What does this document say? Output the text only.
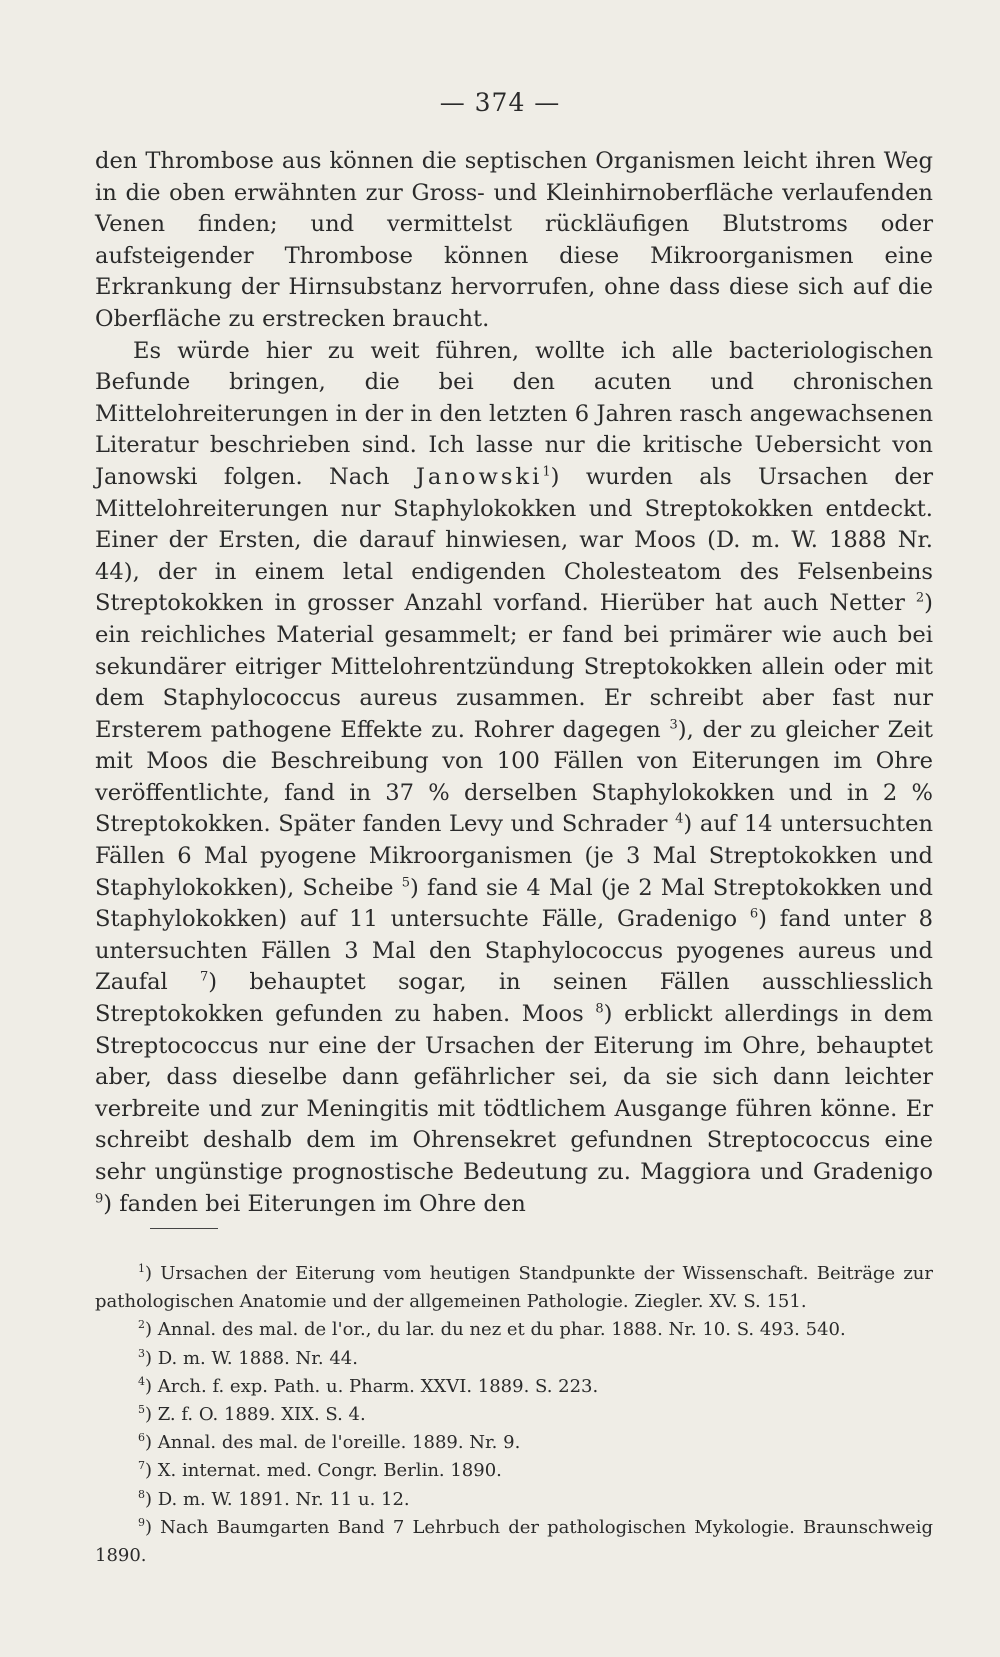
— 374 —

den Thrombose aus können die septischen Organismen leicht ihren Weg in die oben erwähnten zur Gross- und Kleinhirnoberfläche verlaufenden Venen finden; und vermittelst rückläufigen Blutstroms oder aufsteigender Thrombose können diese Mikroorganismen eine Erkrankung der Hirnsubstanz hervorrufen, ohne dass diese sich auf die Oberfläche zu erstrecken braucht.

Es würde hier zu weit führen, wollte ich alle bacteriologischen Befunde bringen, die bei den acuten und chronischen Mittelohreiterungen in der in den letzten 6 Jahren rasch angewachsenen Literatur beschrieben sind. Ich lasse nur die kritische Uebersicht von Janowski folgen. Nach Janowski$^1$) wurden als Ursachen der Mittelohreiterungen nur Staphylokokken und Streptokokken entdeckt. Einer der Ersten, die darauf hinwiesen, war Moos (D. m. W. 1888 Nr. 44), der in einem letal endigenden Cholesteatom des Felsenbeins Streptokokken in grosser Anzahl vorfand. Hierüber hat auch Netter $^2$) ein reichliches Material gesammelt; er fand bei primärer wie auch bei sekundärer eitriger Mittelohrentzündung Streptokokken allein oder mit dem Staphylococcus aureus zusammen. Er schreibt aber fast nur Ersterem pathogene Effekte zu. Rohrer dagegen $^3$), der zu gleicher Zeit mit Moos die Beschreibung von 100 Fällen von Eiterungen im Ohre veröffentlichte, fand in 37 % derselben Staphylokokken und in 2 % Streptokokken. Später fanden Levy und Schrader $^4$) auf 14 untersuchten Fällen 6 Mal pyogene Mikroorganismen (je 3 Mal Streptokokken und Staphylokokken), Scheibe $^5$) fand sie 4 Mal (je 2 Mal Streptokokken und Staphylokokken) auf 11 untersuchte Fälle, Gradenigo $^6$) fand unter 8 untersuchten Fällen 3 Mal den Staphylococcus pyogenes aureus und Zaufal $^7$) behauptet sogar, in seinen Fällen ausschliesslich Streptokokken gefunden zu haben. Moos $^8$) erblickt allerdings in dem Streptococcus nur eine der Ursachen der Eiterung im Ohre, behauptet aber, dass dieselbe dann gefährlicher sei, da sie sich dann leichter verbreite und zur Meningitis mit tödtlichem Ausgange führen könne. Er schreibt deshalb dem im Ohrensekret gefundnen Streptococcus eine sehr ungünstige prognostische Bedeutung zu. Maggiora und Gradenigo $^9$) fanden bei Eiterungen im Ohre den

$^1$) Ursachen der Eiterung vom heutigen Standpunkte der Wissenschaft. Beiträge zur pathologischen Anatomie und der allgemeinen Pathologie. Ziegler. XV. S. 151.

$^2$) Annal. des mal. de l'or., du lar. du nez et du phar. 1888. Nr. 10. S. 493. 540.

$^3$) D. m. W. 1888. Nr. 44.

$^4$) Arch. f. exp. Path. u. Pharm. XXVI. 1889. S. 223.

$^5$) Z. f. O. 1889. XIX. S. 4.

$^6$) Annal. des mal. de l'oreille. 1889. Nr. 9.

$^7$) X. internat. med. Congr. Berlin. 1890.

$^8$) D. m. W. 1891. Nr. 11 u. 12.

$^9$) Nach Baumgarten Band 7 Lehrbuch der pathologischen Mykologie. Braunschweig 1890.
